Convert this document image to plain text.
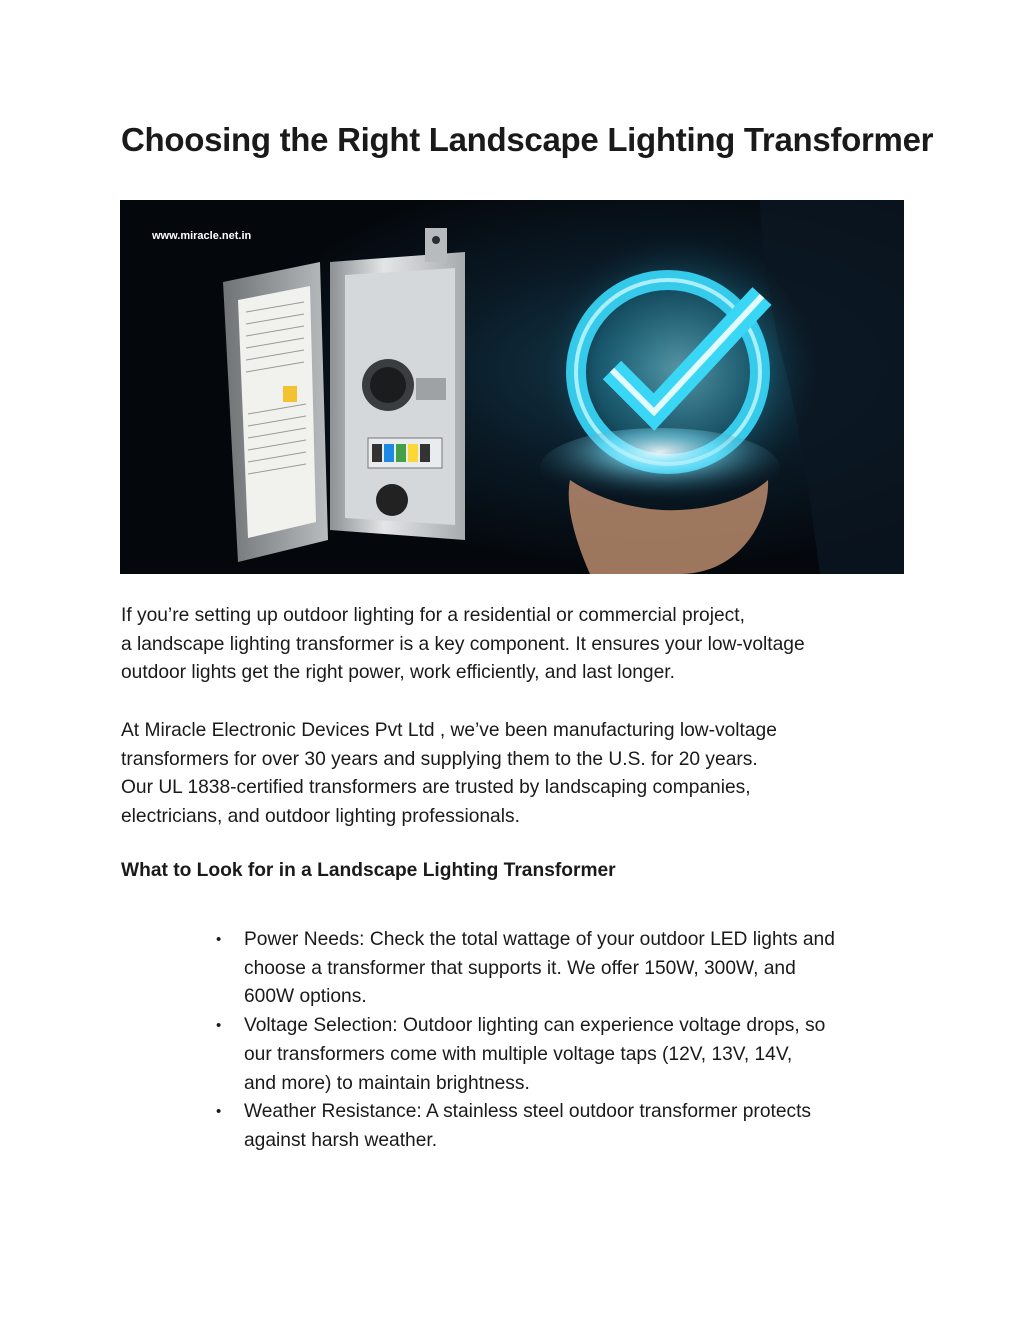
Choosing the Right Landscape Lighting Transformer
www.miracle.net.in

If you’re setting up outdoor lighting for a residential or commercial project,
a landscape lighting transformer is a key component. It ensures your low-voltage
outdoor lights get the right power, work efficiently, and last longer.

At Miracle Electronic Devices Pvt Ltd , we’ve been manufacturing low-voltage
transformers for over 30 years and supplying them to the U.S. for 20 years.
Our UL 1838-certified transformers are trusted by landscaping companies,
electricians, and outdoor lighting professionals.

What to Look for in a Landscape Lighting Transformer
• Power Needs: Check the total wattage of your outdoor LED lights and
choose a transformer that supports it. We offer 150W, 300W, and
600W options.
• Voltage Selection: Outdoor lighting can experience voltage drops, so
our transformers come with multiple voltage taps (12V, 13V, 14V,
and more) to maintain brightness.
• Weather Resistance: A stainless steel outdoor transformer protects
against harsh weather.
